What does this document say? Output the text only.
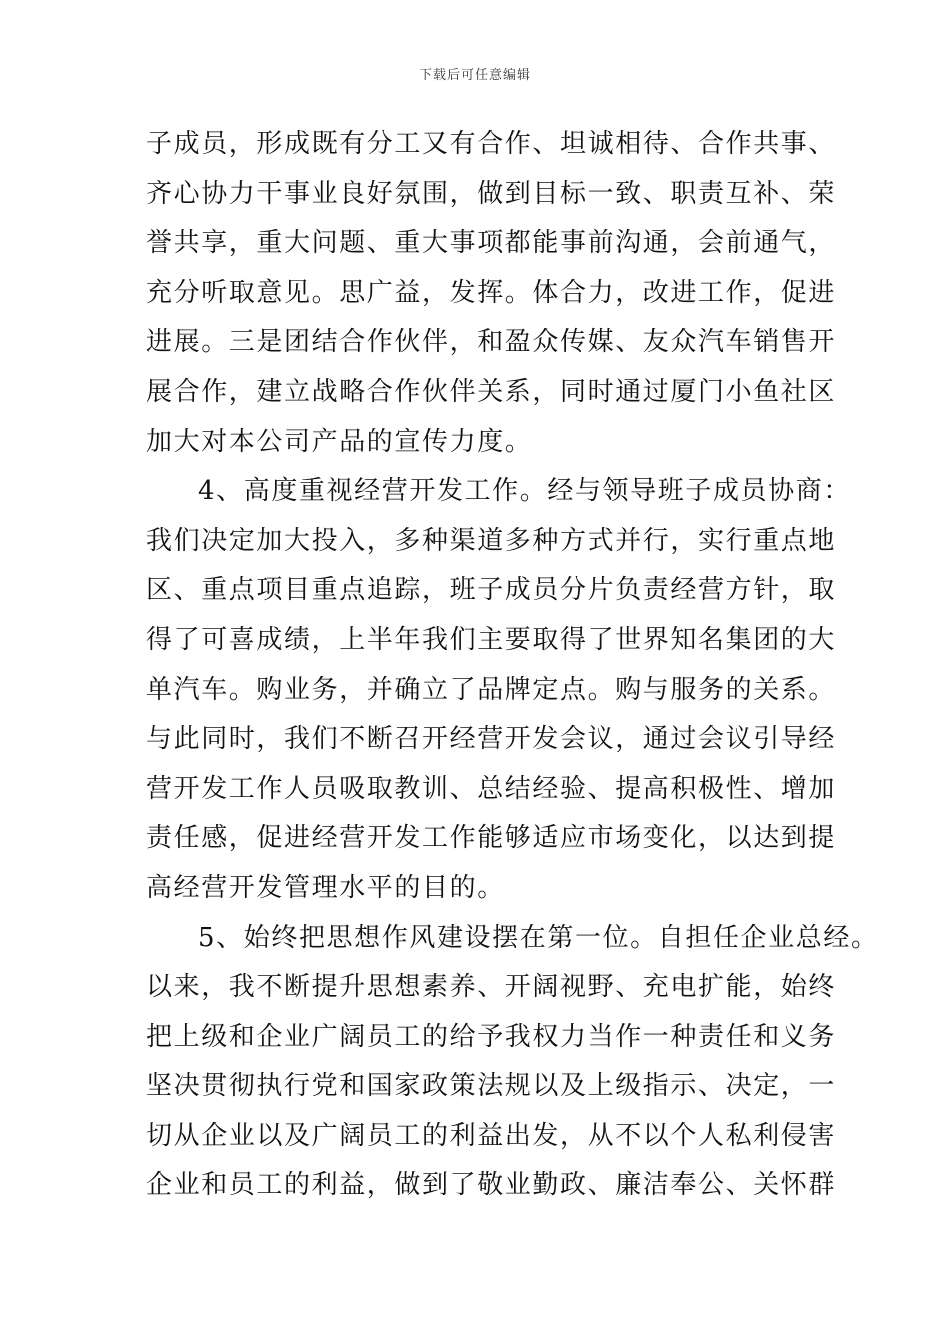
下载后可任意编辑
子成员，形成既有分工又有合作、坦诚相待、合作共事、
齐心协力干事业良好氛围，做到目标一致、职责互补、荣
誉共享，重大问题、重大事项都能事前沟通，会前通气，
充分听取意见。思广益，发挥。体合力，改进工作，促进
进展。三是团结合作伙伴，和盈众传媒、友众汽车销售开
展合作，建立战略合作伙伴关系，同时通过厦门小鱼社区
加大对本公司产品的宣传力度。
4、高度重视经营开发工作。经与领导班子成员协商：
我们决定加大投入，多种渠道多种方式并行，实行重点地
区、重点项目重点追踪，班子成员分片负责经营方针，取
得了可喜成绩，上半年我们主要取得了世界知名集团的大
单汽车。购业务，并确立了品牌定点。购与服务的关系。
与此同时，我们不断召开经营开发会议，通过会议引导经
营开发工作人员吸取教训、总结经验、提高积极性、增加
责任感，促进经营开发工作能够适应市场变化，以达到提
高经营开发管理水平的目的。
5、始终把思想作风建设摆在第一位。自担任企业总经。
以来，我不断提升思想素养、开阔视野、充电扩能，始终
把上级和企业广阔员工的给予我权力当作一种责任和义务
坚决贯彻执行党和国家政策法规以及上级指示、决定，一
切从企业以及广阔员工的利益出发，从不以个人私利侵害
企业和员工的利益，做到了敬业勤政、廉洁奉公、关怀群
